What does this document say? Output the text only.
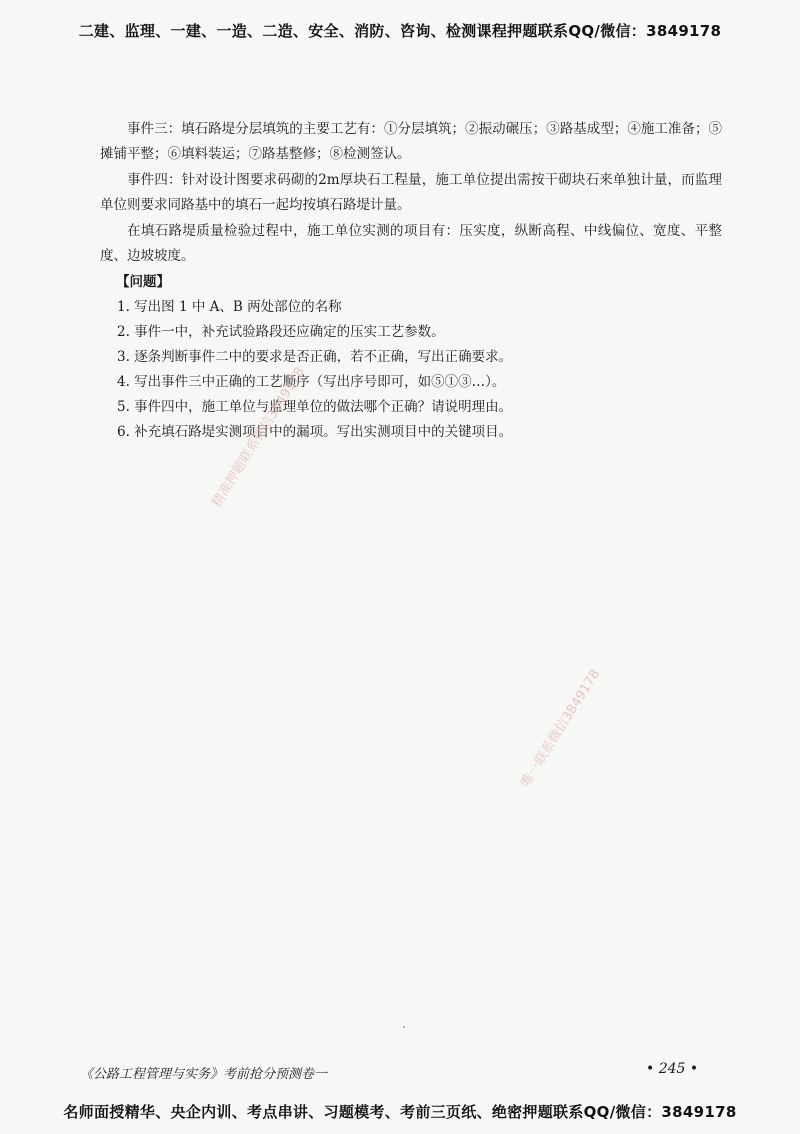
二建、监理、一建、一造、二造、安全、消防、咨询、检测课程押题联系QQ/微信：3849178

事件三：填石路堤分层填筑的主要工艺有：①分层填筑；②振动碾压；③路基成型；④施工准备；⑤摊铺平整；⑥填料装运；⑦路基整修；⑧检测签认。

事件四：针对设计图要求码砌的2m厚块石工程量，施工单位提出需按干砌块石来单独计量，而监理单位则要求同路基中的填石一起均按填石路堤计量。

在填石路堤质量检验过程中，施工单位实测的项目有：压实度，纵断高程、中线偏位、宽度、平整度、边坡坡度。

【问题】

1. 写出图 1 中 A、B 两处部位的名称
2. 事件一中，补充试验路段还应确定的压实工艺参数。
3. 逐条判断事件二中的要求是否正确，若不正确，写出正确要求。
4. 写出事件三中正确的工艺顺序（写出序号即可，如⑤①③…）。
5. 事件四中，施工单位与监理单位的做法哪个正确？请说明理由。
6. 补充填石路堤实测项目中的漏项。写出实测项目中的关键项目。
精准押题联系微信3849178
唯一联系微信3849178
《公路工程管理与实务》考前抢分预测卷一	• 245 •
名师面授精华、央企内训、考点串讲、习题模考、考前三页纸、绝密押题联系QQ/微信：3849178
